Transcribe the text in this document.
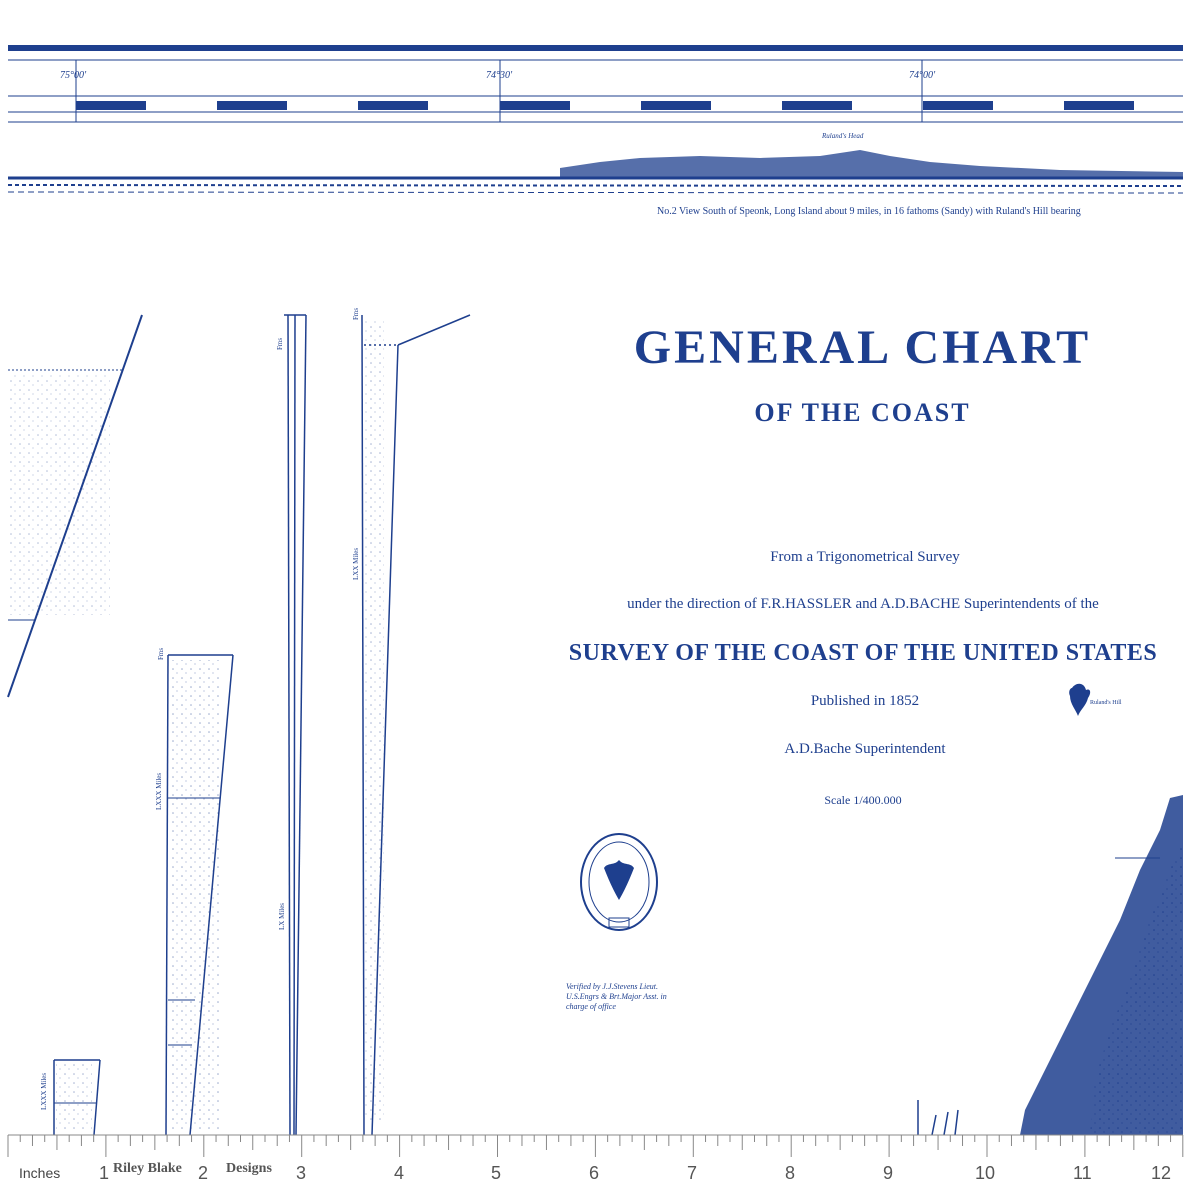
75°00'	74°30'	74°00'
Ruland's Head
No.2 View South of Speonk, Long Island about 9 miles, in 16 fathoms (Sandy) with Ruland's Hill bearing
GENERAL CHART
OF THE COAST
From a Trigonometrical Survey
under the direction of F.R.HASSLER and A.D.BACHE Superintendents of the
SURVEY OF THE COAST OF THE UNITED STATES
Published in 1852
A.D.Bache Superintendent
Scale 1/400.000
Ruland's Hill
Verified by J.J.Stevens Lieut. U.S.Engrs & Brt.Major Asst. in charge of office
Fms
Fms
Fms
LX Miles
LXX Miles
LXXX Miles
LXXX Miles
Inches	Riley Blake	Designs
1	2	3	4	5	6	7	8	9	10	11	12
